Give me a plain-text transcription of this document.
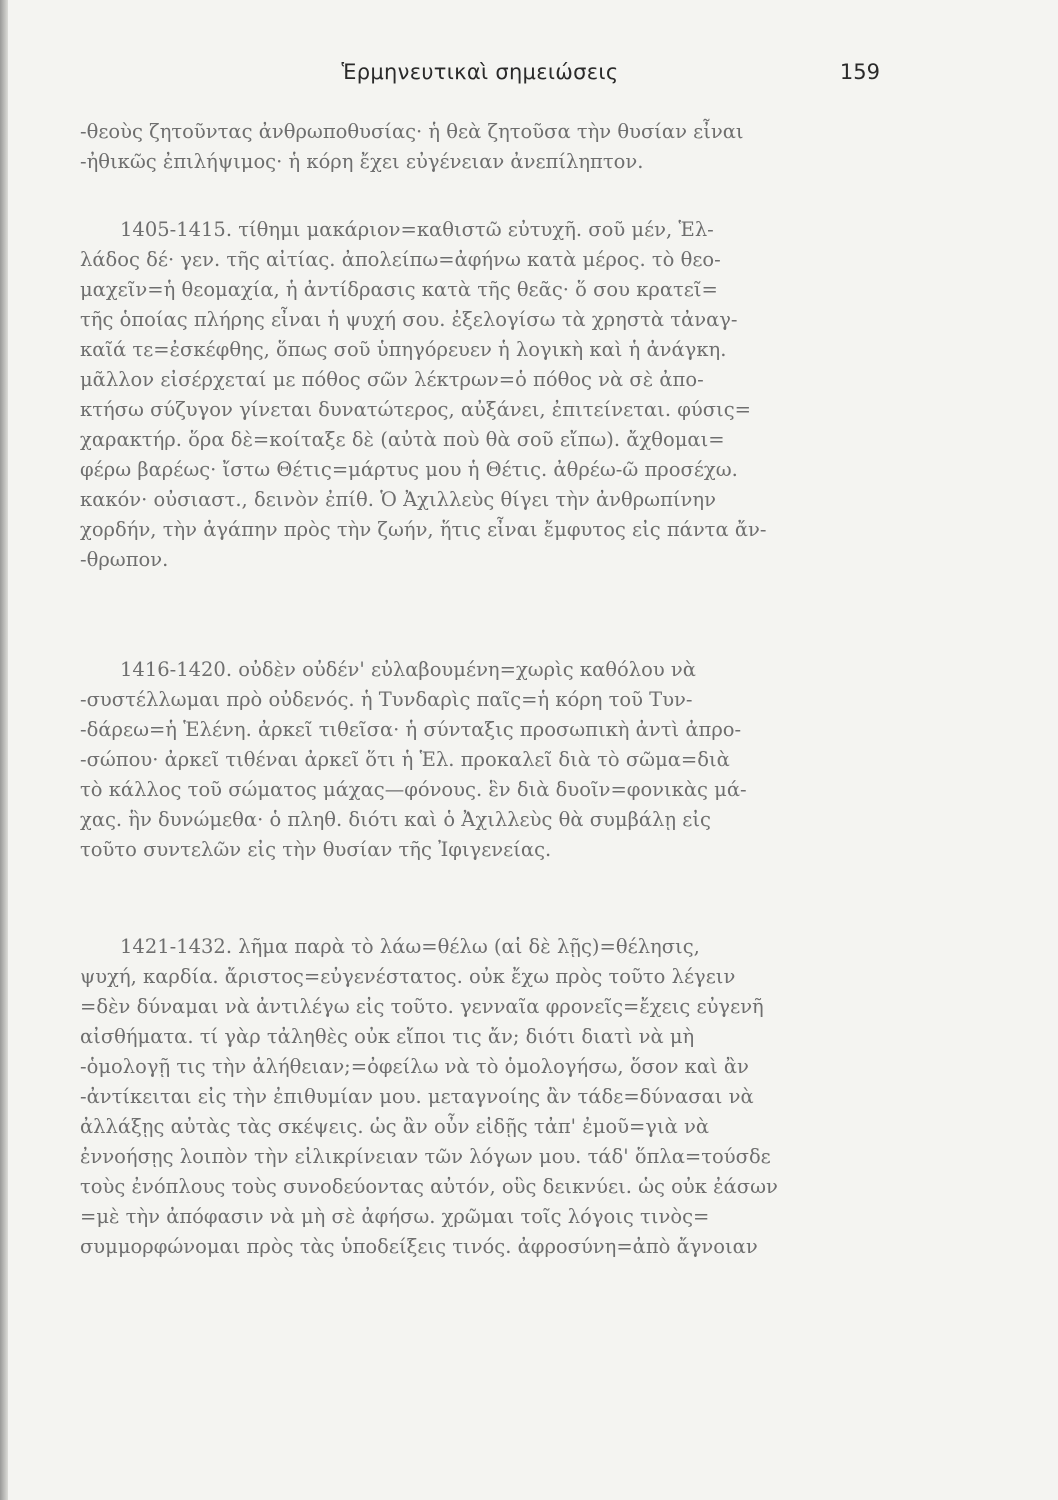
Ἑρμηνευτικαὶ σημειώσεις	159
-θεοὺς ζητοῦντας ἀνθρωποθυσίας· ἡ θεὰ ζητοῦσα τὴν θυσίαν εἶναι
-ἠθικῶς ἐπιλήψιμος· ἡ κόρη ἔχει εὐγένειαν ἀνεπίληπτον.
1405-1415. τίθημι μακάριον=καθιστῶ εὐτυχῆ. σοῦ μέν, Ἑλ-
λάδος δέ· γεν. τῆς αἰτίας. ἀπολείπω=ἀφήνω κατὰ μέρος. τὸ θεο-
μαχεῖν=ἡ θεομαχία, ἡ ἀντίδρασις κατὰ τῆς θεᾶς· ὅ σου κρατεῖ=
τῆς ὁποίας πλήρης εἶναι ἡ ψυχή σου. ἐξελογίσω τὰ χρηστὰ τἀναγ-
καῖά τε=ἐσκέφθης, ὅπως σοῦ ὑπηγόρευεν ἡ λογικὴ καὶ ἡ ἀνάγκη.
μᾶλλον εἰσέρχεταί με πόθος σῶν λέκτρων=ὁ πόθος νὰ σὲ ἀπο-
κτήσω σύζυγον γίνεται δυνατώτερος, αὐξάνει, ἐπιτείνεται. φύσις=
χαρακτήρ. ὅρα δὲ=κοίταξε δὲ (αὐτὰ ποὺ θὰ σοῦ εἴπω). ἄχθομαι=
φέρω βαρέως· ἴστω Θέτις=μάρτυς μου ἡ Θέτις. ἀθρέω-ῶ προσέχω.
κακόν· οὐσιαστ., δεινὸν ἐπίθ. Ὁ Ἀχιλλεὺς θίγει τὴν ἀνθρωπίνην
χορδήν, τὴν ἀγάπην πρὸς τὴν ζωήν, ἥτις εἶναι ἔμφυτος εἰς πάντα ἄν-
-θρωπον.
1416-1420. οὐδὲν οὐδέν' εὐλαβουμένη=χωρὶς καθόλου νὰ
-συστέλλωμαι πρὸ οὐδενός. ἡ Τυνδαρὶς παῖς=ἡ κόρη τοῦ Τυν-
-δάρεω=ἡ Ἑλένη. ἀρκεῖ τιθεῖσα· ἡ σύνταξις προσωπικὴ ἀντὶ ἀπρο-
-σώπου· ἀρκεῖ τιθέναι ἀρκεῖ ὅτι ἡ Ἑλ. προκαλεῖ διὰ τὸ σῶμα=διὰ
τὸ κάλλος τοῦ σώματος μάχας—φόνους. ἓν διὰ δυοῖν=φονικὰς μά-
χας. ἣν δυνώμεθα· ὁ πληθ. διότι καὶ ὁ Ἀχιλλεὺς θὰ συμβάλῃ εἰς
τοῦτο συντελῶν εἰς τὴν θυσίαν τῆς Ἰφιγενείας.
1421-1432. λῆμα παρὰ τὸ λάω=θέλω (αἱ δὲ λῇς)=θέλησις,
ψυχή, καρδία. ἄριστος=εὐγενέστατος. οὐκ ἔχω πρὸς τοῦτο λέγειν
=δὲν δύναμαι νὰ ἀντιλέγω εἰς τοῦτο. γενναῖα φρονεῖς=ἔχεις εὐγενῆ
αἰσθήματα. τί γὰρ τἀληθὲς οὐκ εἴποι τις ἄν; διότι διατὶ νὰ μὴ
-ὁμολογῇ τις τὴν ἀλήθειαν;=ὀφείλω νὰ τὸ ὁμολογήσω, ὅσον καὶ ἂν
-ἀντίκειται εἰς τὴν ἐπιθυμίαν μου. μεταγνοίης ἂν τάδε=δύνασαι νὰ
ἀλλάξῃς αὐτὰς τὰς σκέψεις. ὡς ἂν οὖν εἰδῇς τἀπ' ἐμοῦ=γιὰ νὰ
ἐννοήσῃς λοιπὸν τὴν εἰλικρίνειαν τῶν λόγων μου. τάδ' ὅπλα=τούσδε
τοὺς ἐνόπλους τοὺς συνοδεύοντας αὐτόν, οὓς δεικνύει. ὡς οὐκ ἐάσων
=μὲ τὴν ἀπόφασιν νὰ μὴ σὲ ἀφήσω. χρῶμαι τοῖς λόγοις τινὸς=
συμμορφώνομαι πρὸς τὰς ὑποδείξεις τινός. ἀφροσύνη=ἀπὸ ἄγνοιαν
